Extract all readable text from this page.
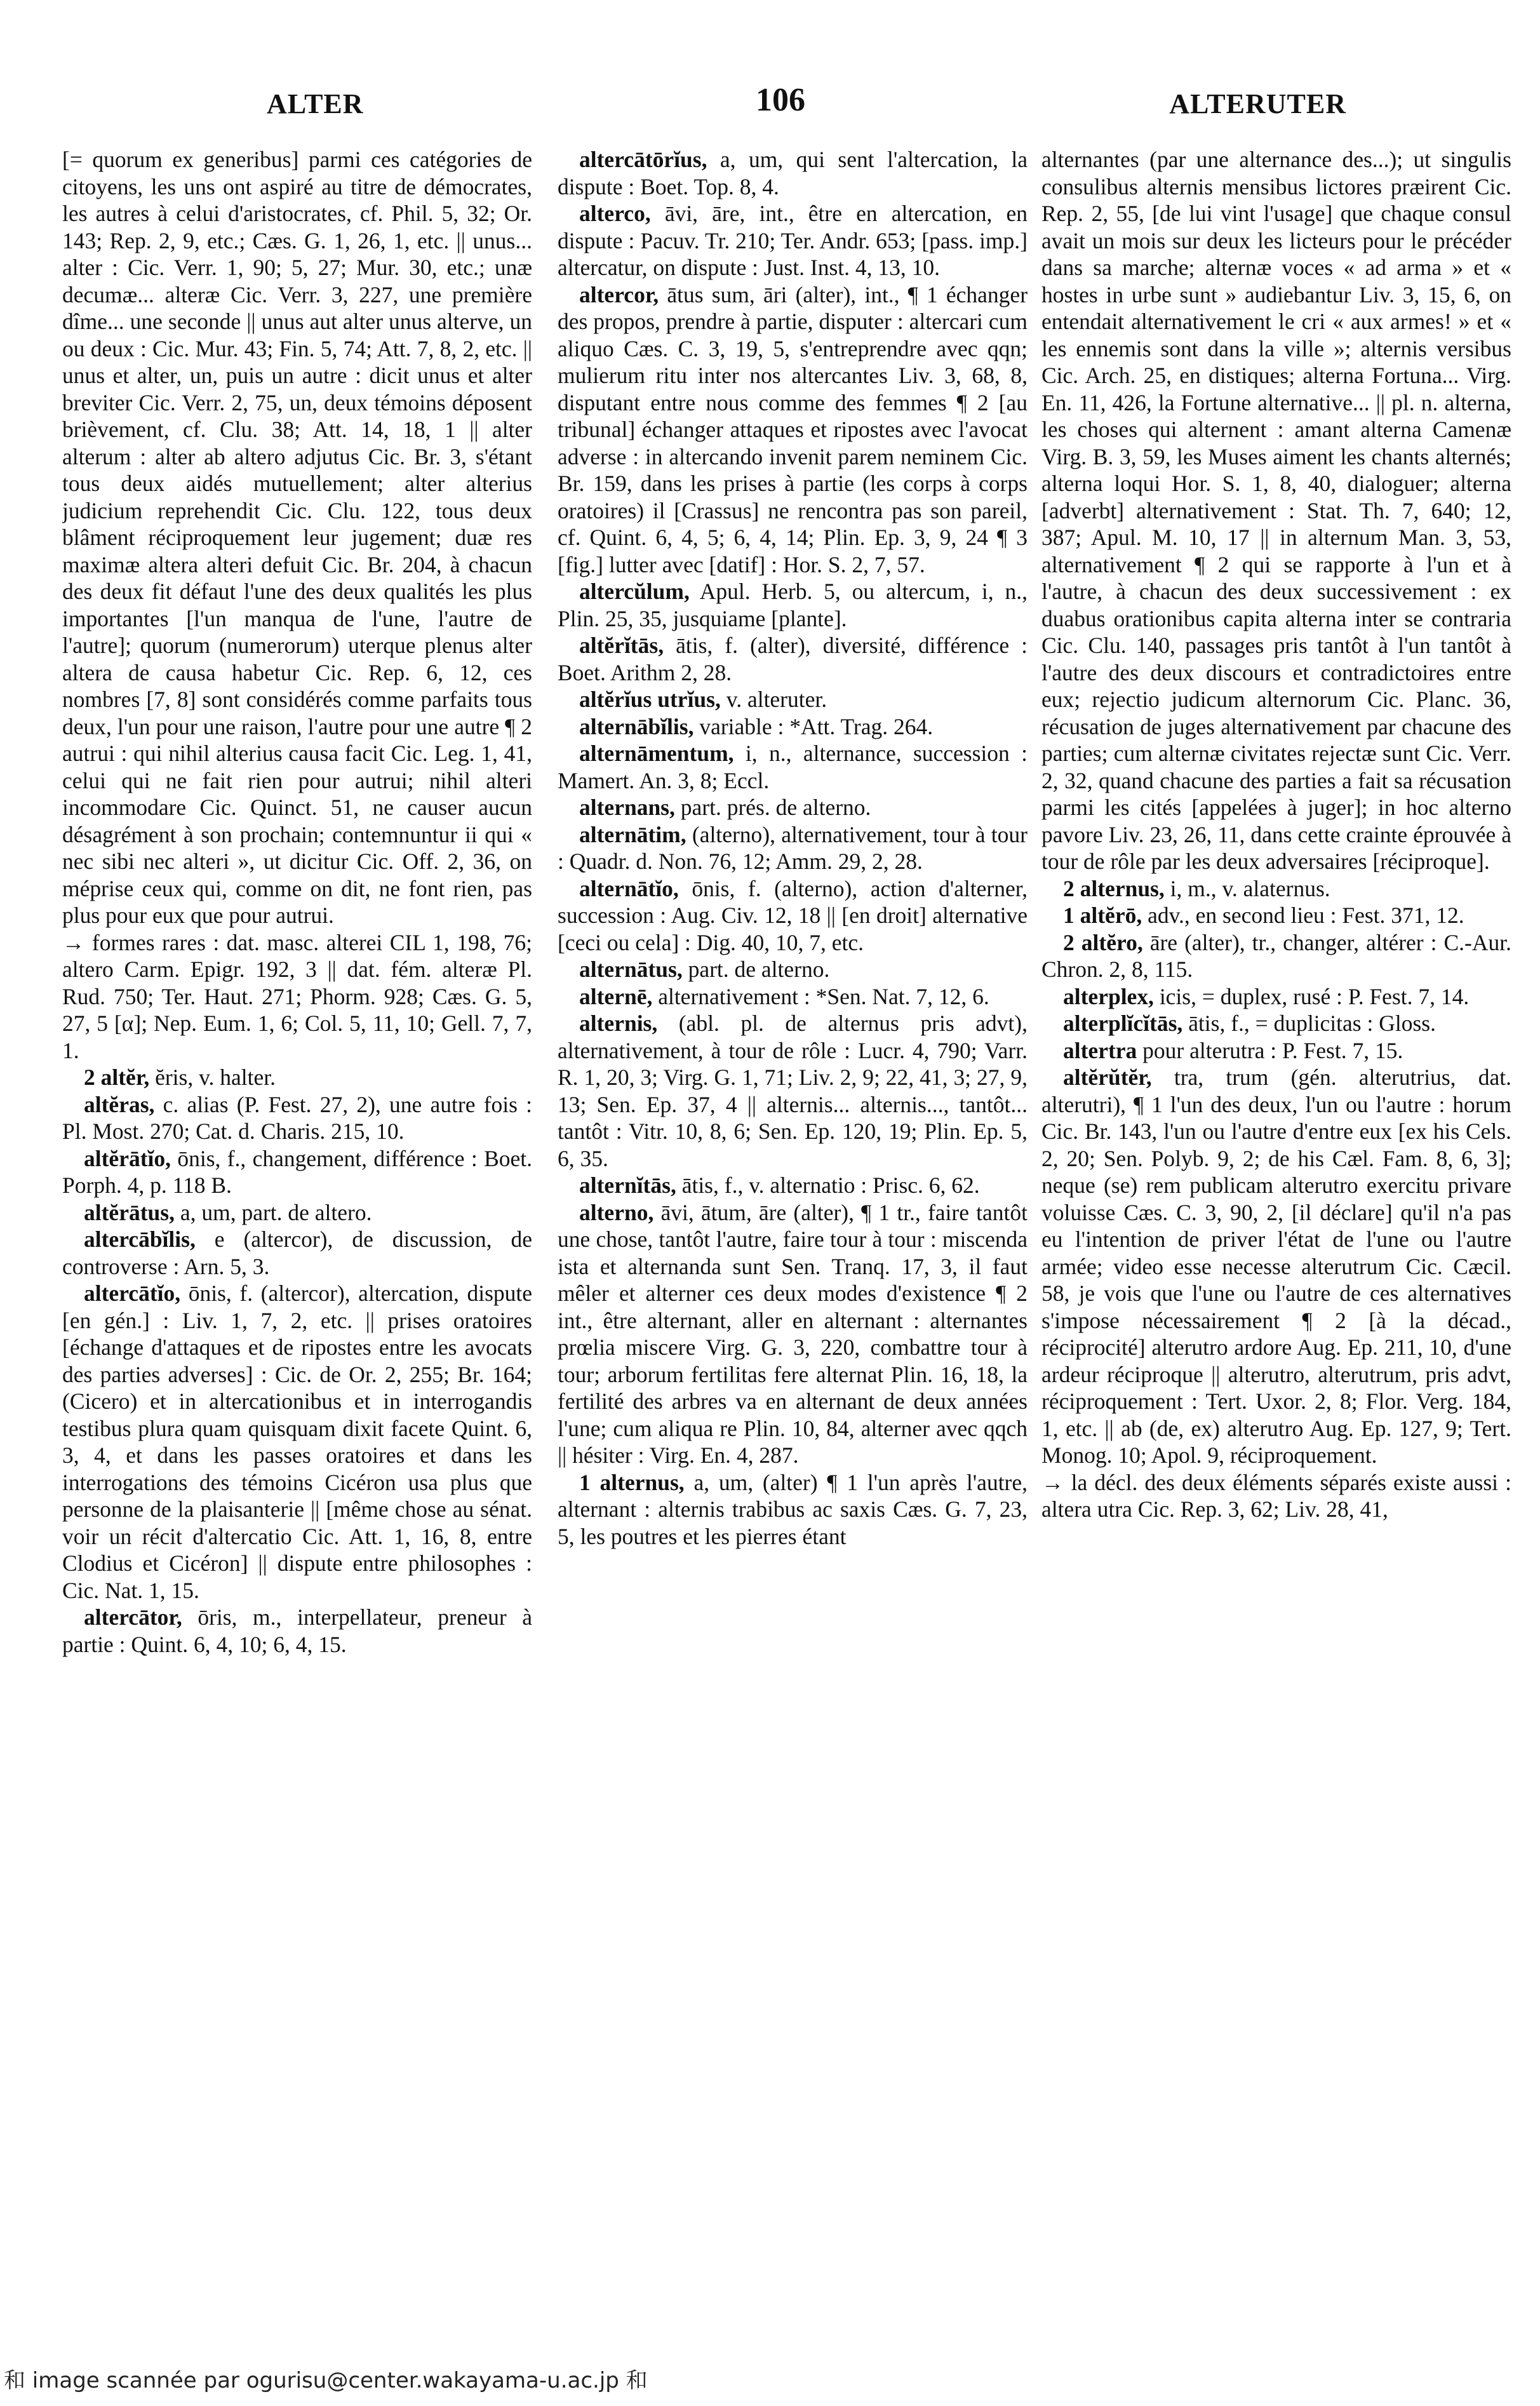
ALTER	106	ALTERUTER

[= quorum ex generibus] parmi ces catégories de citoyens, les uns ont aspiré au titre de démocrates, les autres à celui d'aristocrates, cf. Phil. 5, 32; Or. 143; Rep. 2, 9, etc.; Cæs. G. 1, 26, 1, etc. || unus... alter : Cic. Verr. 1, 90; 5, 27; Mur. 30, etc.; unæ decumæ... alteræ Cic. Verr. 3, 227, une première dîme... une seconde || unus aut alter unus alterve, un ou deux : Cic. Mur. 43; Fin. 5, 74; Att. 7, 8, 2, etc. || unus et alter, un, puis un autre : dicit unus et alter breviter Cic. Verr. 2, 75, un, deux témoins déposent brièvement, cf. Clu. 38; Att. 14, 18, 1 || alter alterum : alter ab altero adjutus Cic. Br. 3, s'étant tous deux aidés mutuellement; alter alterius judicium reprehendit Cic. Clu. 122, tous deux blâment réciproquement leur jugement; duæ res maximæ altera alteri defuit Cic. Br. 204, à chacun des deux fit défaut l'une des deux qualités les plus importantes [l'un manqua de l'une, l'autre de l'autre]; quorum (numerorum) uterque plenus alter altera de causa habetur Cic. Rep. 6, 12, ces nombres [7, 8] sont considérés comme parfaits tous deux, l'un pour une raison, l'autre pour une autre ¶ 2 autrui : qui nihil alterius causa facit Cic. Leg. 1, 41, celui qui ne fait rien pour autrui; nihil alteri incommodare Cic. Quinct. 51, ne causer aucun désagrément à son prochain; contemnuntur ii qui « nec sibi nec alteri », ut dicitur Cic. Off. 2, 36, on méprise ceux qui, comme on dit, ne font rien, pas plus pour eux que pour autrui.

→ formes rares : dat. masc. alterei CIL 1, 198, 76; altero Carm. Epigr. 192, 3 || dat. fém. alteræ Pl. Rud. 750; Ter. Haut. 271; Phorm. 928; Cæs. G. 5, 27, 5 [α]; Nep. Eum. 1, 6; Col. 5, 11, 10; Gell. 7, 7, 1.

2 altĕr, ĕris, v. halter.

altĕras, c. alias (P. Fest. 27, 2), une autre fois : Pl. Most. 270; Cat. d. Charis. 215, 10.

altĕrātĭo, ōnis, f., changement, différence : Boet. Porph. 4, p. 118 B.

altĕrātus, a, um, part. de altero.

altercābĭlis, e (altercor), de discussion, de controverse : Arn. 5, 3.

altercātĭo, ōnis, f. (altercor), altercation, dispute [en gén.] : Liv. 1, 7, 2, etc. || prises oratoires [échange d'attaques et de ripostes entre les avocats des parties adverses] : Cic. de Or. 2, 255; Br. 164; (Cicero) et in altercationibus et in interrogandis testibus plura quam quisquam dixit facete Quint. 6, 3, 4, et dans les passes oratoires et dans les interrogations des témoins Cicéron usa plus que personne de la plaisanterie || [même chose au sénat. voir un récit d'altercatio Cic. Att. 1, 16, 8, entre Clodius et Cicéron] || dispute entre philosophes : Cic. Nat. 1, 15.

altercātor, ōris, m., interpellateur, preneur à partie : Quint. 6, 4, 10; 6, 4, 15.

altercātōrĭus, a, um, qui sent l'altercation, la dispute : Boet. Top. 8, 4.

alterco, āvi, āre, int., être en altercation, en dispute : Pacuv. Tr. 210; Ter. Andr. 653; [pass. imp.] altercatur, on dispute : Just. Inst. 4, 13, 10.

altercor, ātus sum, āri (alter), int., ¶ 1 échanger des propos, prendre à partie, disputer : altercari cum aliquo Cæs. C. 3, 19, 5, s'entreprendre avec qqn; mulierum ritu inter nos altercantes Liv. 3, 68, 8, disputant entre nous comme des femmes ¶ 2 [au tribunal] échanger attaques et ripostes avec l'avocat adverse : in altercando invenit parem neminem Cic. Br. 159, dans les prises à partie (les corps à corps oratoires) il [Crassus] ne rencontra pas son pareil, cf. Quint. 6, 4, 5; 6, 4, 14; Plin. Ep. 3, 9, 24 ¶ 3 [fig.] lutter avec [datif] : Hor. S. 2, 7, 57.

altercŭlum, Apul. Herb. 5, ou altercum, i, n., Plin. 25, 35, jusquiame [plante].

altĕrĭtās, ātis, f. (alter), diversité, différence : Boet. Arithm 2, 28.

altĕrĭus utrĭus, v. alteruter.

alternābĭlis, variable : *Att. Trag. 264.

alternāmentum, i, n., alternance, succession : Mamert. An. 3, 8; Eccl.

alternans, part. prés. de alterno.

alternātim, (alterno), alternativement, tour à tour : Quadr. d. Non. 76, 12; Amm. 29, 2, 28.

alternātĭo, ōnis, f. (alterno), action d'alterner, succession : Aug. Civ. 12, 18 || [en droit] alternative [ceci ou cela] : Dig. 40, 10, 7, etc.

alternātus, part. de alterno.

alternē, alternativement : *Sen. Nat. 7, 12, 6.

alternis, (abl. pl. de alternus pris advt), alternativement, à tour de rôle : Lucr. 4, 790; Varr. R. 1, 20, 3; Virg. G. 1, 71; Liv. 2, 9; 22, 41, 3; 27, 9, 13; Sen. Ep. 37, 4 || alternis... alternis..., tantôt... tantôt : Vitr. 10, 8, 6; Sen. Ep. 120, 19; Plin. Ep. 5, 6, 35.

alternĭtās, ātis, f., v. alternatio : Prisc. 6, 62.

alterno, āvi, ātum, āre (alter), ¶ 1 tr., faire tantôt une chose, tantôt l'autre, faire tour à tour : miscenda ista et alternanda sunt Sen. Tranq. 17, 3, il faut mêler et alterner ces deux modes d'existence ¶ 2 int., être alternant, aller en alternant : alternantes prœlia miscere Virg. G. 3, 220, combattre tour à tour; arborum fertilitas fere alternat Plin. 16, 18, la fertilité des arbres va en alternant de deux années l'une; cum aliqua re Plin. 10, 84, alterner avec qqch || hésiter : Virg. En. 4, 287.

1 alternus, a, um, (alter) ¶ 1 l'un après l'autre, alternant : alternis trabibus ac saxis Cæs. G. 7, 23, 5, les poutres et les pierres étant

alternantes (par une alternance des...); ut singulis consulibus alternis mensibus lictores præirent Cic. Rep. 2, 55, [de lui vint l'usage] que chaque consul avait un mois sur deux les licteurs pour le précéder dans sa marche; alternæ voces « ad arma » et « hostes in urbe sunt » audiebantur Liv. 3, 15, 6, on entendait alternativement le cri « aux armes! » et « les ennemis sont dans la ville »; alternis versibus Cic. Arch. 25, en distiques; alterna Fortuna... Virg. En. 11, 426, la Fortune alternative... || pl. n. alterna, les choses qui alternent : amant alterna Camenæ Virg. B. 3, 59, les Muses aiment les chants alternés; alterna loqui Hor. S. 1, 8, 40, dialoguer; alterna [adverbt] alternativement : Stat. Th. 7, 640; 12, 387; Apul. M. 10, 17 || in alternum Man. 3, 53, alternativement ¶ 2 qui se rapporte à l'un et à l'autre, à chacun des deux successivement : ex duabus orationibus capita alterna inter se contraria Cic. Clu. 140, passages pris tantôt à l'un tantôt à l'autre des deux discours et contradictoires entre eux; rejectio judicum alternorum Cic. Planc. 36, récusation de juges alternativement par chacune des parties; cum alternæ civitates rejectæ sunt Cic. Verr. 2, 32, quand chacune des parties a fait sa récusation parmi les cités [appelées à juger]; in hoc alterno pavore Liv. 23, 26, 11, dans cette crainte éprouvée à tour de rôle par les deux adversaires [réciproque].

2 alternus, i, m., v. alaternus.

1 altĕrō, adv., en second lieu : Fest. 371, 12.

2 altĕro, āre (alter), tr., changer, altérer : C.-Aur. Chron. 2, 8, 115.

alterplex, icis, = duplex, rusé : P. Fest. 7, 14.

alterplĭcĭtās, ātis, f., = duplicitas : Gloss.

altertra pour alterutra : P. Fest. 7, 15.

altĕrŭtĕr, tra, trum (gén. alterutrius, dat. alterutri), ¶ 1 l'un des deux, l'un ou l'autre : horum Cic. Br. 143, l'un ou l'autre d'entre eux [ex his Cels. 2, 20; Sen. Polyb. 9, 2; de his Cæl. Fam. 8, 6, 3]; neque (se) rem publicam alterutro exercitu privare voluisse Cæs. C. 3, 90, 2, [il déclare] qu'il n'a pas eu l'intention de priver l'état de l'une ou l'autre armée; video esse necesse alterutrum Cic. Cæcil. 58, je vois que l'une ou l'autre de ces alternatives s'impose nécessairement ¶ 2 [à la décad., réciprocité] alterutro ardore Aug. Ep. 211, 10, d'une ardeur réciproque || alterutro, alterutrum, pris advt, réciproquement : Tert. Uxor. 2, 8; Flor. Verg. 184, 1, etc. || ab (de, ex) alterutro Aug. Ep. 127, 9; Tert. Monog. 10; Apol. 9, réciproquement.

→ la décl. des deux éléments séparés existe aussi : altera utra Cic. Rep. 3, 62; Liv. 28, 41,

和 image scannée par ogurisu@center.wakayama-u.ac.jp 和
